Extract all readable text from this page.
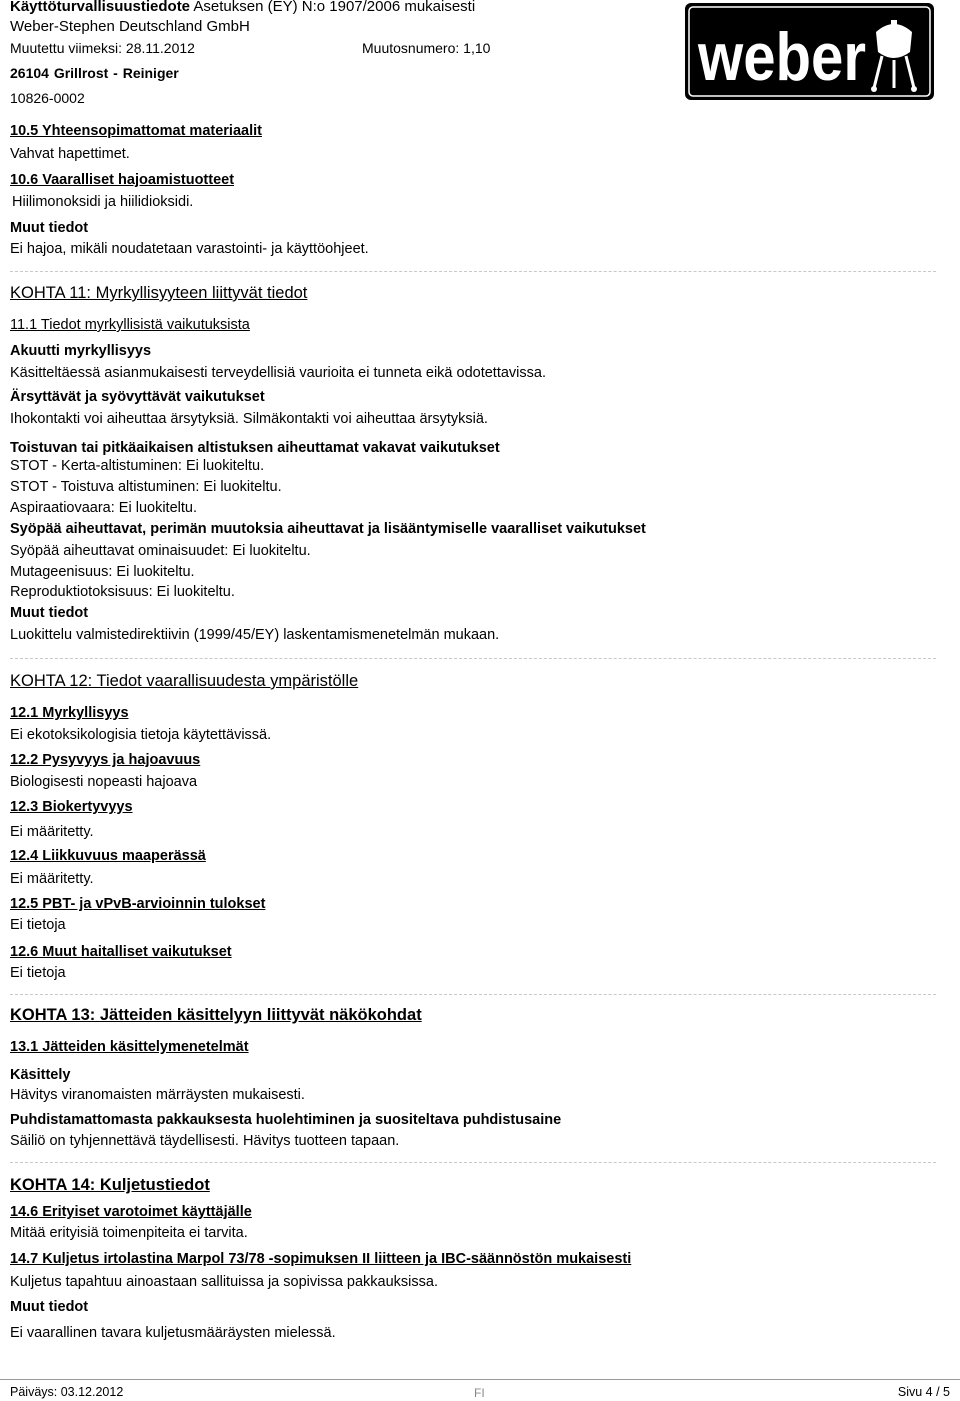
Käyttöturvallisuustiedote Asetuksen (EY) N:o 1907/2006 mukaisesti
Weber-Stephen Deutschland GmbH
Muutettu viimeksi: 28.11.2012	Muutosnumero: 1,10
26104 Grillrost - Reiniger
10826-0002
weber
10.5 Yhteensopimattomat materiaalit
Vahvat hapettimet.
10.6 Vaaralliset hajoamistuotteet
Hiilimonoksidi ja hiilidioksidi.
Muut tiedot
Ei hajoa, mikäli noudatetaan varastointi- ja käyttöohjeet.
KOHTA 11: Myrkyllisyyteen liittyvät tiedot
11.1 Tiedot myrkyllisistä vaikutuksista
Akuutti myrkyllisyys
Käsitteltäessä asianmukaisesti terveydellisiä vaurioita ei tunneta eikä odotettavissa.
Ärsyttävät ja syövyttävät vaikutukset
Ihokontakti voi aiheuttaa ärsytyksiä. Silmäkontakti voi aiheuttaa ärsytyksiä.
Toistuvan tai pitkäaikaisen altistuksen aiheuttamat vakavat vaikutukset
STOT - Kerta-altistuminen: Ei luokiteltu.
STOT - Toistuva altistuminen: Ei luokiteltu.
Aspiraatiovaara: Ei luokiteltu.
Syöpää aiheuttavat, perimän muutoksia aiheuttavat ja lisääntymiselle vaaralliset vaikutukset
Syöpää aiheuttavat ominaisuudet: Ei luokiteltu.
Mutageenisuus: Ei luokiteltu.
Reproduktiotoksisuus: Ei luokiteltu.
Muut tiedot
Luokittelu valmistedirektiivin (1999/45/EY) laskentamismenetelmän mukaan.
KOHTA 12: Tiedot vaarallisuudesta ympäristölle
12.1 Myrkyllisyys
Ei ekotoksikologisia tietoja käytettävissä.
12.2 Pysyvyys ja hajoavuus
Biologisesti nopeasti hajoava
12.3 Biokertyvyys
Ei määritetty.
12.4 Liikkuvuus maaperässä
Ei määritetty.
12.5 PBT- ja vPvB-arvioinnin tulokset
Ei tietoja
12.6 Muut haitalliset vaikutukset
Ei tietoja
KOHTA 13: Jätteiden käsittelyyn liittyvät näkökohdat
13.1 Jätteiden käsittelymenetelmät
Käsittely
Hävitys viranomaisten märräysten mukaisesti.
Puhdistamattomasta pakkauksesta huolehtiminen ja suositeltava puhdistusaine
Säiliö on tyhjennettävä täydellisesti. Hävitys tuotteen tapaan.
KOHTA 14: Kuljetustiedot
14.6 Erityiset varotoimet käyttäjälle
Mitää erityisiä toimenpiteita ei tarvita.
14.7 Kuljetus irtolastina Marpol 73/78 -sopimuksen II liitteen ja IBC-säännöstön mukaisesti
Kuljetus tapahtuu ainoastaan sallituissa ja sopivissa pakkauksissa.
Muut tiedot
Ei vaarallinen tavara kuljetusmääräysten mielessä.
Päiväys: 03.12.2012	FI	Sivu 4 / 5
